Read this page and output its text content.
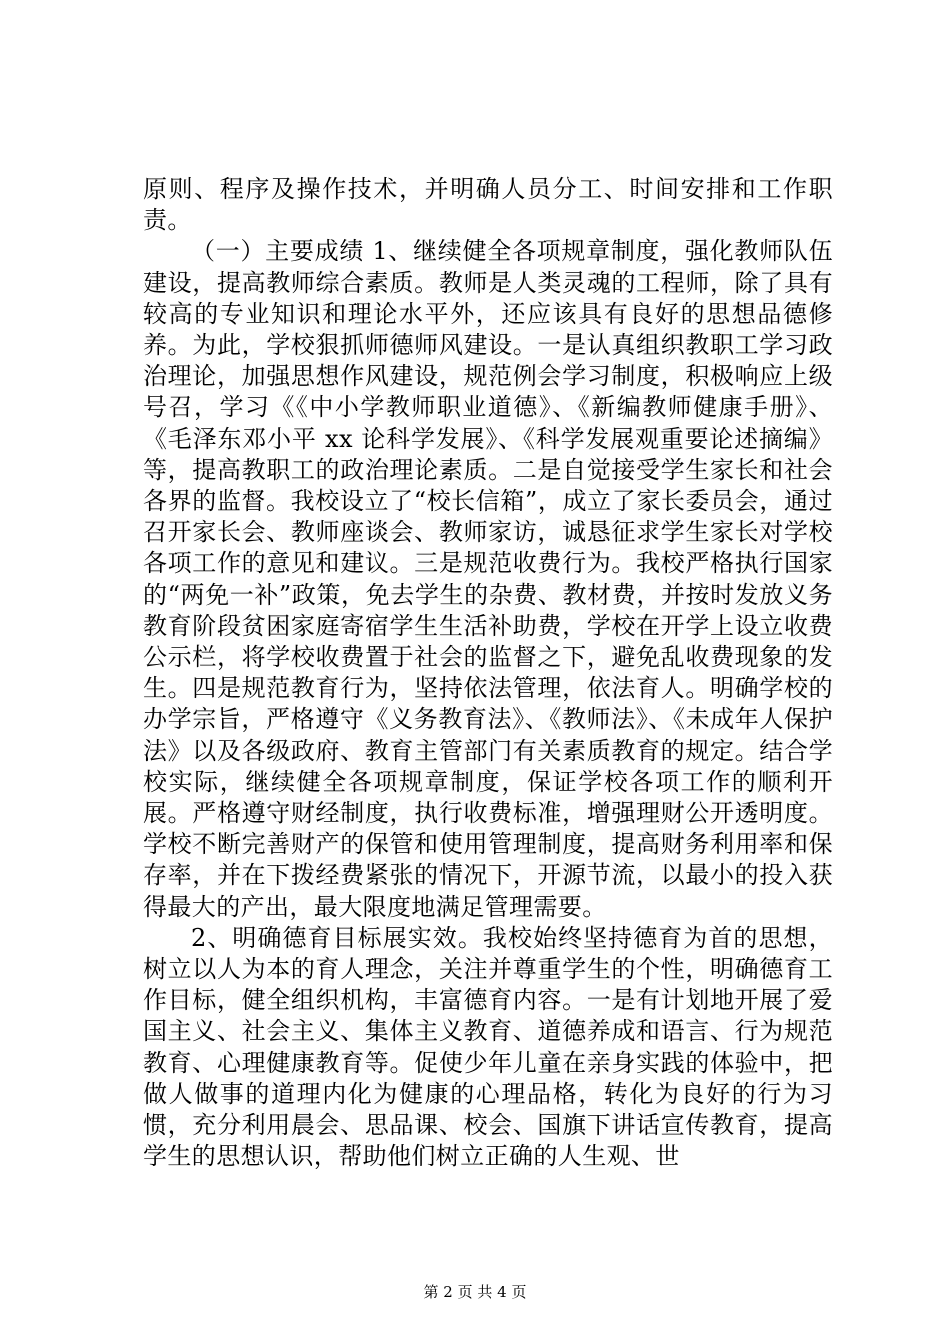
原则、程序及操作技术，并明确人员分工、时间安排和工作职责。

（一）主要成绩 1、继续健全各项规章制度，强化教师队伍建设，提高教师综合素质。教师是人类灵魂的工程师，除了具有较高的专业知识和理论水平外，还应该具有良好的思想品德修养。为此，学校狠抓师德师风建设。一是认真组织教职工学习政治理论，加强思想作风建设，规范例会学习制度，积极响应上级号召，学习《《中小学教师职业道德》、《新编教师健康手册》、《毛泽东邓小平 xx 论科学发展》、《科学发展观重要论述摘编》等，提高教职工的政治理论素质。二是自觉接受学生家长和社会各界的监督。我校设立了“校长信箱”，成立了家长委员会，通过召开家长会、教师座谈会、教师家访，诚恳征求学生家长对学校各项工作的意见和建议。三是规范收费行为。我校严格执行国家的“两免一补”政策，免去学生的杂费、教材费，并按时发放义务教育阶段贫困家庭寄宿学生生活补助费，学校在开学上设立收费公示栏，将学校收费置于社会的监督之下，避免乱收费现象的发生。四是规范教育行为，坚持依法管理，依法育人。明确学校的办学宗旨，严格遵守《义务教育法》、《教师法》、《未成年人保护法》以及各级政府、教育主管部门有关素质教育的规定。结合学校实际，继续健全各项规章制度，保证学校各项工作的顺利开展。严格遵守财经制度，执行收费标准，增强理财公开透明度。学校不断完善财产的保管和使用管理制度，提高财务利用率和保存率，并在下拨经费紧张的情况下，开源节流，以最小的投入获得最大的产出，最大限度地满足管理需要。

2、明确德育目标展实效。我校始终坚持德育为首的思想，树立以人为本的育人理念，关注并尊重学生的个性，明确德育工作目标，健全组织机构，丰富德育内容。一是有计划地开展了爱国主义、社会主义、集体主义教育、道德养成和语言、行为规范教育、心理健康教育等。促使少年儿童在亲身实践的体验中，把做人做事的道理内化为健康的心理品格，转化为良好的行为习惯，充分利用晨会、思品课、校会、国旗下讲话宣传教育，提高学生的思想认识，帮助他们树立正确的人生观、世

第 2 页 共 4 页
